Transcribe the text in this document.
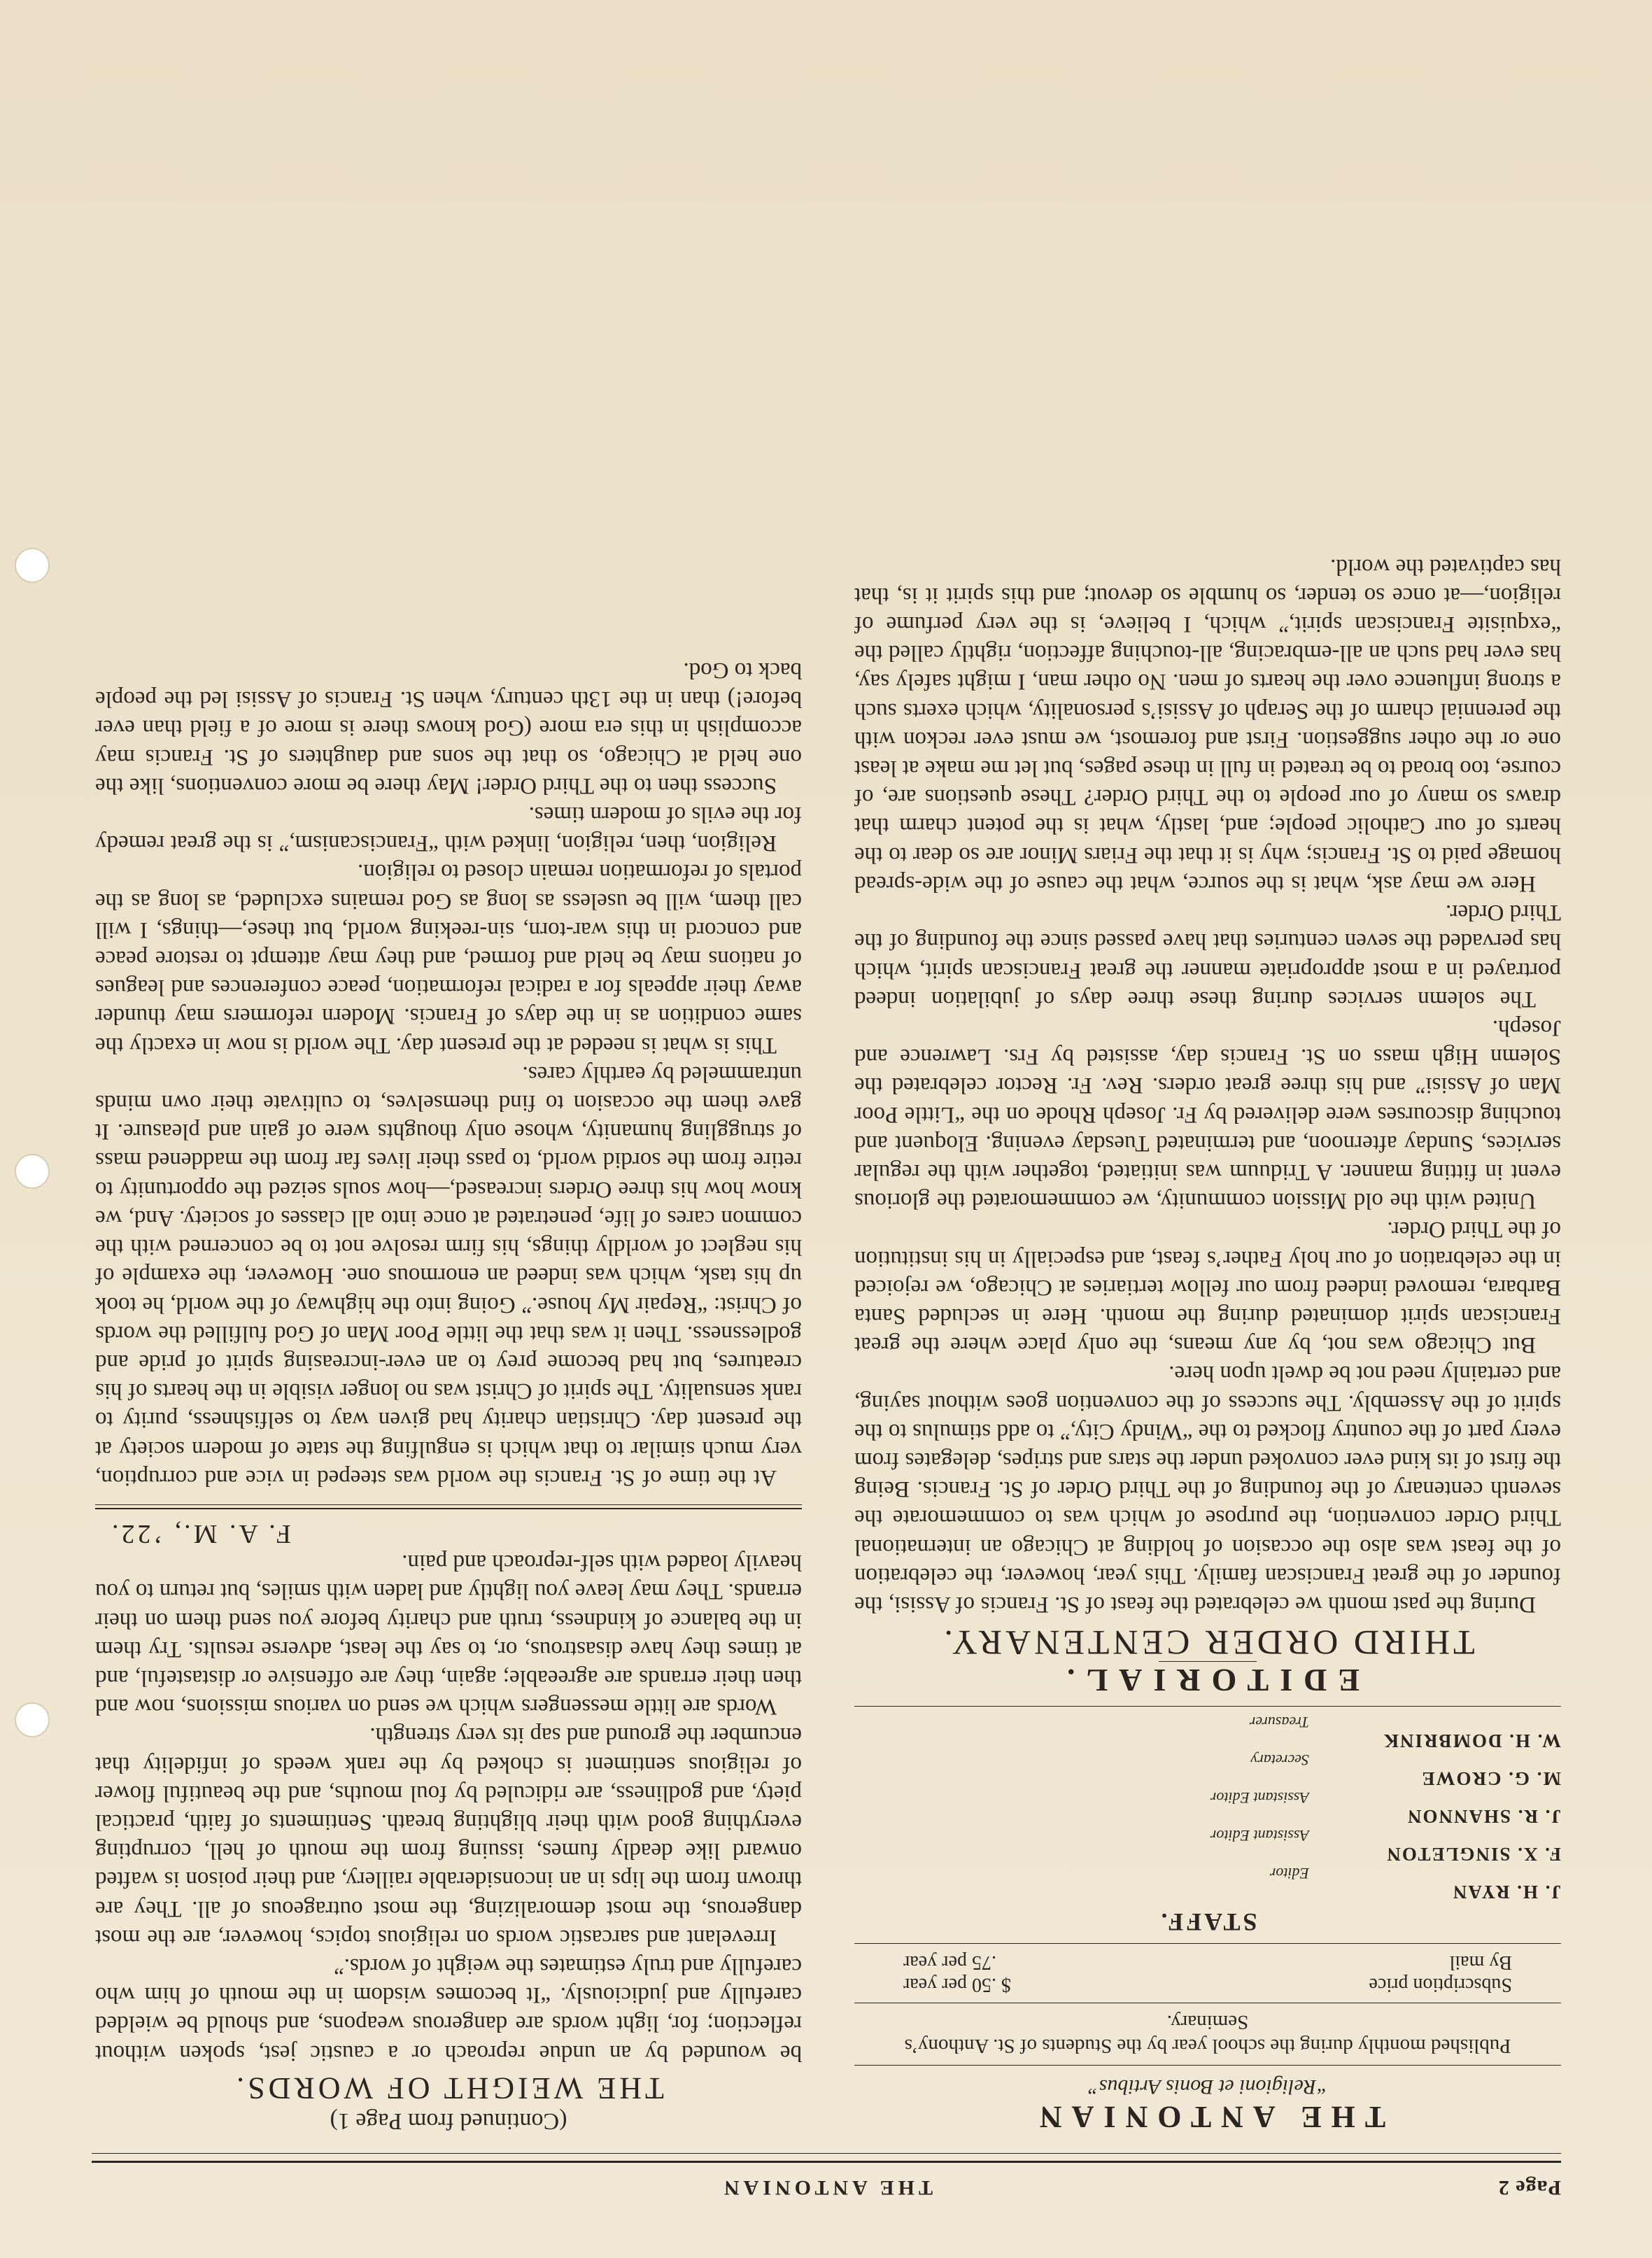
Page 2
THE ANTONIAN
THE ANTONIAN
“Religioni et Bonis Artibus”
Published monthly during the school year by the Students of St. Anthony’s Seminary.
Subscription price
$ .50 per year
By mail
.75 per year
STAFF.
J. H. RYAN
Editor
F. X. SINGLETON
Assistant Editor
J. R. SHANNON
Assistant Editor
M. G. CROWE
Secretary
W. H. DOMBRINK
Treasurer
EDITORIAL.
THIRD ORDER CENTENARY.

During the past month we celebrated the feast of St. Francis of Assisi, the founder of the great Franciscan family. This year, however, the celebration of the feast was also the occasion of holding at Chicago an international Third Order convention, the purpose of which was to commemorate the seventh centenary of the founding of the Third Order of St. Francis. Being the first of its kind ever convoked under the stars and stripes, delegates from every part of the country flocked to the “Windy City,” to add stimulus to the spirit of the Assembly. The success of the convention goes without saying, and certainly need not be dwelt upon here.

But Chicago was not, by any means, the only place where the great Franciscan spirit dominated during the month. Here in secluded Santa Barbara, removed indeed from our fellow tertiaries at Chicago, we rejoiced in the celebration of our holy Father’s feast, and especially in his institution of the Third Order.

United with the old Mission community, we commemorated the glorious event in fitting manner. A Triduum was initiated, together with the regular services, Sunday afternoon, and terminated Tuesday evening. Eloquent and touching discourses were delivered by Fr. Joseph Rhode on the “Little Poor Man of Assisi” and his three great orders. Rev. Fr. Rector celebrated the Solemn High mass on St. Francis day, assisted by Frs. Lawrence and Joseph.

The solemn services during these three days of jubilation indeed portrayed in a most appropriate manner the great Franciscan spirit, which has pervaded the seven centuries that have passed since the founding of the Third Order.

Here we may ask, what is the source, what the cause of the wide-spread homage paid to St. Francis; why is it that the Friars Minor are so dear to the hearts of our Catholic people; and, lastly, what is the potent charm that draws so many of our people to the Third Order? These questions are, of course, too broad to be treated in full in these pages, but let me make at least one or the other suggestion. First and foremost, we must ever reckon with the perennial charm of the Seraph of Assisi’s personality, which exerts such a strong influence over the hearts of men. No other man, I might safely say, has ever had such an all-embracing, all-touching affection, rightly called the “exquisite Franciscan spirit,” which, I believe, is the very perfume of religion,—at once so tender, so humble so devout; and this spirit it is, that has captivated the world.

(Continued from Page 1)
THE WEIGHT OF WORDS.

be wounded by an undue reproach or a caustic jest, spoken without reflection; for, light words are dangerous weapons, and should be wielded carefully and judiciously. “It becomes wisdom in the mouth of him who carefully and truly estimates the weight of words.”

Irrevelant and sarcastic words on religious topics, however, are the most dangerous, the most demoralizing, the most outrageous of all. They are thrown from the lips in an inconsiderable raillery, and their poison is wafted onward like deadly fumes, issuing from the mouth of hell, corrupting everything good with their blighting breath. Sentiments of faith, practical piety, and godliness, are ridiculed by foul mouths, and the beautiful flower of religious sentiment is choked by the rank weeds of infidelity that encumber the ground and sap its very strength.

Words are little messengers which we send on various missions, now and then their errands are agreeable; again, they are offensive or distasteful, and at times they have disastrous, or, to say the least, adverse results. Try them in the balance of kindness, truth and charity before you send them on their errands. They may leave you lightly and laden with smiles, but return to you heavily loaded with self-reproach and pain.

F. A. M., ’22.

At the time of St. Francis the world was steeped in vice and corruption, very much similar to that which is engulfing the state of modern society at the present day. Christian charity had given way to selfishness, purity to rank sensuality. The spirit of Christ was no longer visible in the hearts of his creatures, but had become prey to an ever-increasing spirit of pride and godlessness. Then it was that the little Poor Man of God fulfilled the words of Christ: “Repair My house.” Going into the highway of the world, he took up his task, which was indeed an enormous one. However, the example of his neglect of worldly things, his firm resolve not to be concerned with the common cares of life, penetrated at once into all classes of society. And, we know how his three Orders increased,—how souls seized the opportunity to retire from the sordid world, to pass their lives far from the maddened mass of struggling humanity, whose only thoughts were of gain and pleasure. It gave them the occasion to find themselves, to cultivate their own minds untrammeled by earthly cares.

This is what is needed at the present day. The world is now in exactly the same condition as in the days of Francis. Modern reformers may thunder away their appeals for a radical reformation, peace conferences and leagues of nations may be held and formed, and they may attempt to restore peace and concord in this war-torn, sin-reeking world, but these,—things, I will call them, will be useless as long as God remains excluded, as long as the portals of reformation remain closed to religion.

Religion, then, religion, linked with “Franciscanism,” is the great remedy for the evils of modern times.

Success then to the Third Order! May there be more conventions, like the one held at Chicago, so that the sons and daughters of St. Francis may accomplish in this era more (God knows there is more of a field than ever before!) than in the 13th century, when St. Francis of Assisi led the people back to God.
